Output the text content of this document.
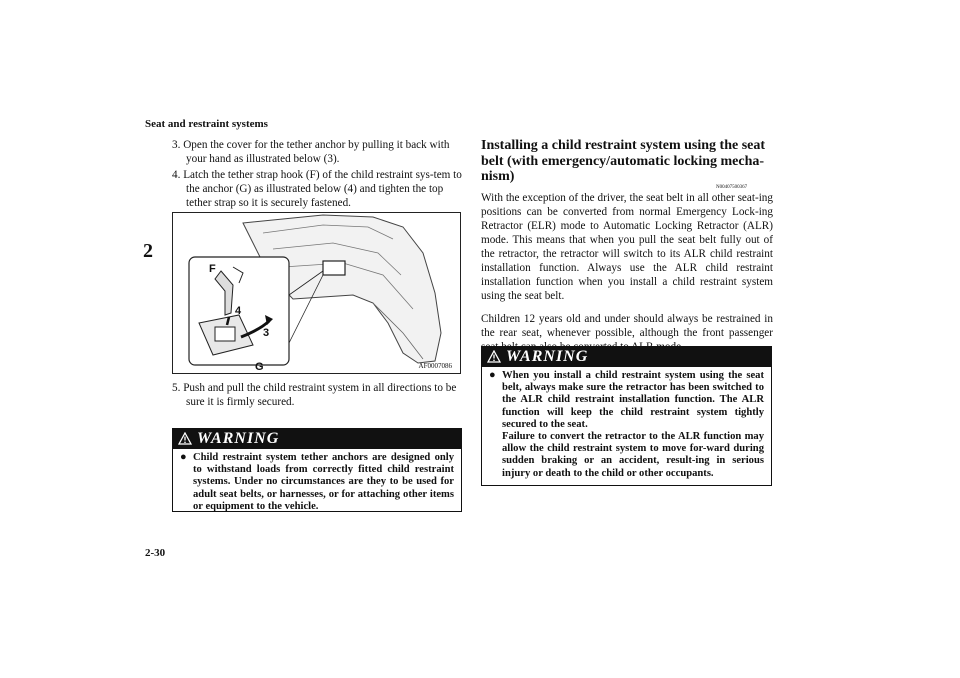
Seat and restraint systems
2
2-30

3. Open the cover for the tether anchor by pulling it back with your hand as illustrated below (3).

4. Latch the tether strap hook (F) of the child restraint sys-tem to the anchor (G) as illustrated below (4) and tighten the top tether strap so it is securely fastened.

F
4
3
G	AF0007086

5. Push and pull the child restraint system in all directions to be sure it is firmly secured.

WARNING
● Child restraint system tether anchors are designed only to withstand loads from correctly fitted child restraint systems. Under no circumstances are they to be used for adult seat belts, or harnesses, or for attaching other items or equipment to the vehicle.
Installing a child restraint system using the seat belt (with emergency/automatic locking mecha-nism)
N00407500367

With the exception of the driver, the seat belt in all other seat-ing positions can be converted from normal Emergency Lock-ing Retractor (ELR) mode to Automatic Locking Retractor (ALR) mode. This means that when you pull the seat belt fully out of the retractor, the retractor will switch to its ALR child restraint installation function. Always use the ALR child restraint installation function when you install a child restraint system using the seat belt.

Children 12 years old and under should always be restrained in the rear seat, whenever possible, although the front passenger

WARNING
● When you install a child restraint system using the seat belt, always make sure the retractor has been switched to the ALR child restraint installation function. The ALR function will keep the child restraint system tightly secured to the seat.
Failure to convert the retractor to the ALR function may allow the child restraint system to move for-ward during sudden braking or an accident, result-ing in serious injury or death to the child or other occupants.
